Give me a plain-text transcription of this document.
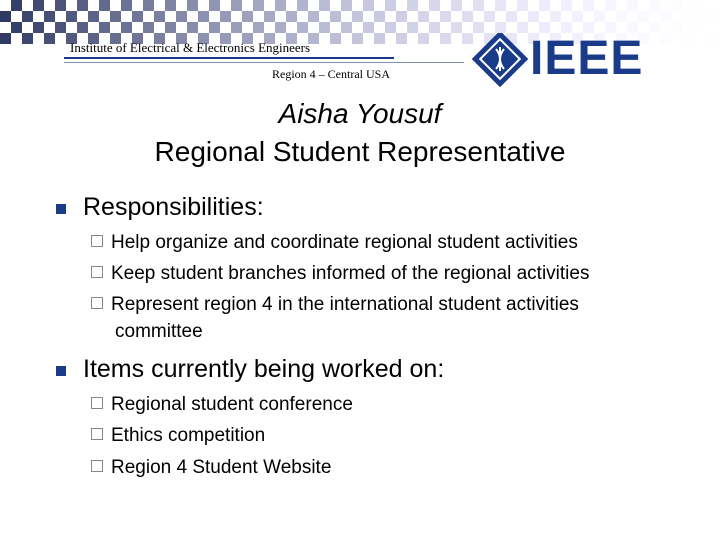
Institute of Electrical & Electronics Engineers
Region 4 – Central USA	IEEE
Aisha Yousuf
Regional Student Representative
Responsibilities:
Help organize and coordinate regional student activities
Keep student branches informed of the regional activities
Represent region 4 in the international student activities
committee
Items currently being worked on:
Regional student conference
Ethics competition
Region 4 Student Website
